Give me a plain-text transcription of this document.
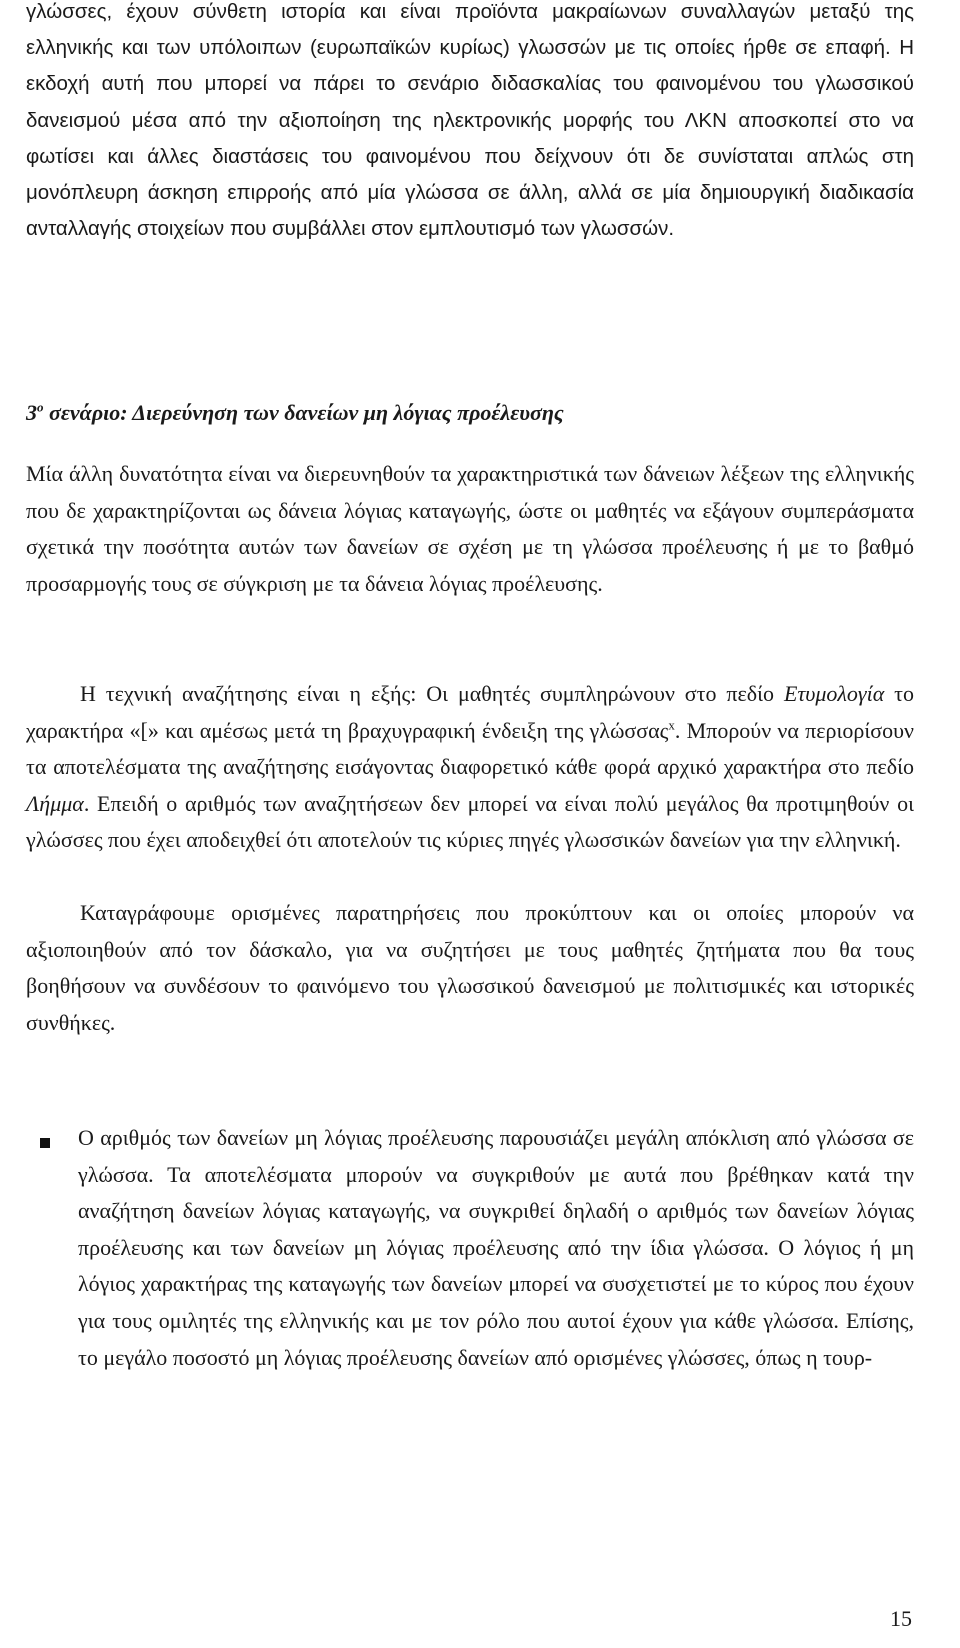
γλώσσες, έχουν σύνθετη ιστορία και είναι προϊόντα μακραίωνων συναλλαγών μεταξύ της ελληνικής και των υπόλοιπων (ευρωπαϊκών κυρίως) γλωσσών με τις οποίες ήρθε σε επαφή. Η εκδοχή αυτή που μπορεί να πάρει το σενάριο διδασκαλίας του φαινομένου του γλωσσικού δανεισμού μέσα από την αξιοποίηση της ηλεκτρονικής μορφής του ΛΚΝ αποσκοπεί στο να φωτίσει και άλλες διαστάσεις του φαινομένου που δείχνουν ότι δε συνίσταται απλώς στη μονόπλευρη άσκηση επιρροής από μία γλώσσα σε άλλη, αλλά σε μία δημιουργική διαδικασία ανταλλαγής στοιχείων που συμβάλλει στον εμπλουτισμό των γλωσσών.

$3^o$ σενάριο: Διερεύνηση των δανείων μη λόγιας προέλευσης

Μία άλλη δυνατότητα είναι να διερευνηθούν τα χαρακτηριστικά των δάνειων λέξεων της ελληνικής που δε χαρακτηρίζονται ως δάνεια λόγιας καταγωγής, ώστε οι μαθητές να εξάγουν συμπεράσματα σχετικά την ποσότητα αυτών των δανείων σε σχέση με τη γλώσσα προέλευσης ή με το βαθμό προσαρμογής τους σε σύγκριση με τα δάνεια λόγιας προέλευσης.

Η τεχνική αναζήτησης είναι η εξής: Οι μαθητές συμπληρώνουν στο πεδίο Ετυμολογία το χαρακτήρα «[» και αμέσως μετά τη βραχυγραφική ένδειξη της γλώσσας$^x$. Μπορούν να περιορίσουν τα αποτελέσματα της αναζήτησης εισάγοντας διαφορετικό κάθε φορά αρχικό χαρακτήρα στο πεδίο Λήμμα. Επειδή ο αριθμός των αναζητήσεων δεν μπορεί να είναι πολύ μεγάλος θα προτιμηθούν οι γλώσσες που έχει αποδειχθεί ότι αποτελούν τις κύριες πηγές γλωσσικών δανείων για την ελληνική.

Καταγράφουμε ορισμένες παρατηρήσεις που προκύπτουν και οι οποίες μπορούν να αξιοποιηθούν από τον δάσκαλο, για να συζητήσει με τους μαθητές ζητήματα που θα τους βοηθήσουν να συνδέσουν το φαινόμενο του γλωσσικού δανεισμού με πολιτισμικές και ιστορικές συνθήκες.

Ο αριθμός των δανείων μη λόγιας προέλευσης παρουσιάζει μεγάλη απόκλιση από γλώσσα σε γλώσσα. Τα αποτελέσματα μπορούν να συγκριθούν με αυτά που βρέθηκαν κατά την αναζήτηση δανείων λόγιας καταγωγής, να συγκριθεί δηλαδή ο αριθμός των δανείων λόγιας προέλευσης και των δανείων μη λόγιας προέλευσης από την ίδια γλώσσα. Ο λόγιος ή μη λόγιος χαρακτήρας της καταγωγής των δανείων μπορεί να συσχετιστεί με το κύρος που έχουν για τους ομιλητές της ελληνικής και με τον ρόλο που αυτοί έχουν για κάθε γλώσσα. Επίσης, το μεγάλο ποσοστό μη λόγιας προέλευσης δανείων από ορισμένες γλώσσες, όπως η τουρ-

15
